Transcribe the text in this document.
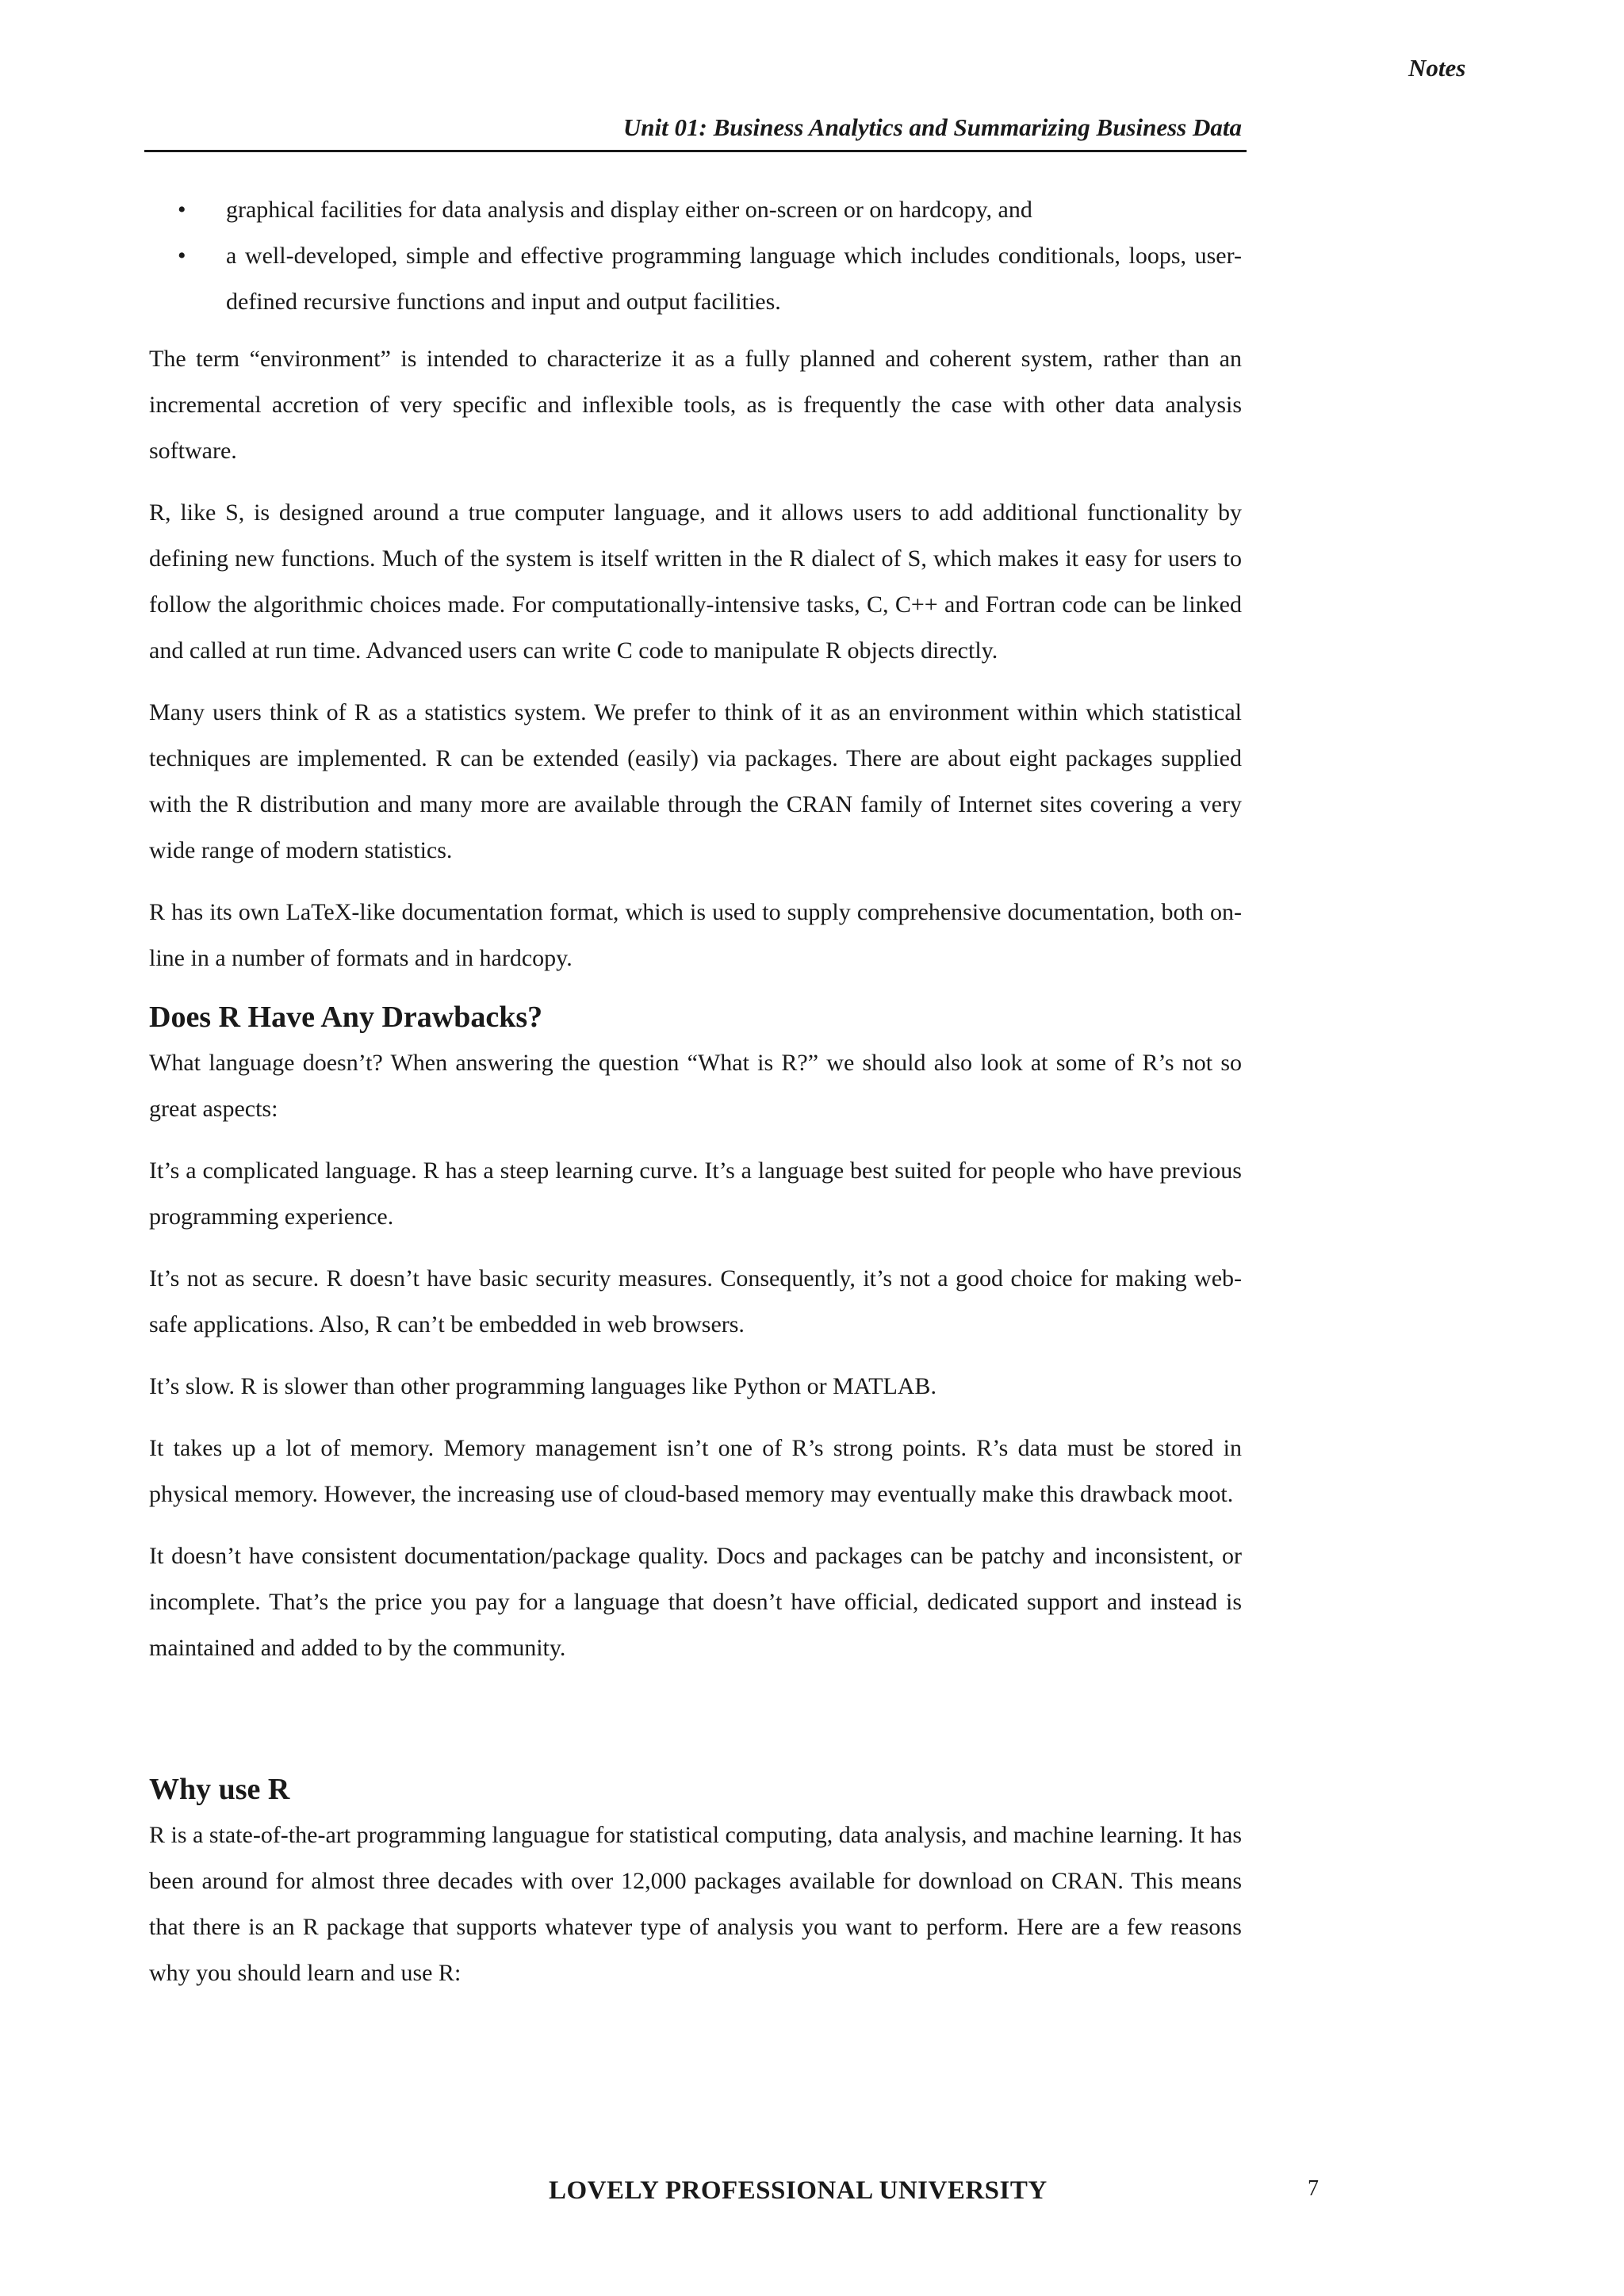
Notes
Unit 01: Business Analytics and Summarizing Business Data
• graphical facilities for data analysis and display either on-screen or on hardcopy, and
• a well-developed, simple and effective programming language which includes conditionals, loops, user-defined recursive functions and input and output facilities.

The term “environment” is intended to characterize it as a fully planned and coherent system, rather than an incremental accretion of very specific and inflexible tools, as is frequently the case with other data analysis software.

R, like S, is designed around a true computer language, and it allows users to add additional functionality by defining new functions. Much of the system is itself written in the R dialect of S, which makes it easy for users to follow the algorithmic choices made. For computationally-intensive tasks, C, C++ and Fortran code can be linked and called at run time. Advanced users can write C code to manipulate R objects directly.

Many users think of R as a statistics system. We prefer to think of it as an environment within which statistical techniques are implemented. R can be extended (easily) via packages. There are about eight packages supplied with the R distribution and many more are available through the CRAN family of Internet sites covering a very wide range of modern statistics.

R has its own LaTeX-like documentation format, which is used to supply comprehensive documentation, both on-line in a number of formats and in hardcopy.

Does R Have Any Drawbacks?

What language doesn’t? When answering the question “What is R?” we should also look at some of R’s not so great aspects:

It’s a complicated language. R has a steep learning curve. It’s a language best suited for people who have previous programming experience.

It’s not as secure. R doesn’t have basic security measures. Consequently, it’s not a good choice for making web-safe applications. Also, R can’t be embedded in web browsers.

It’s slow. R is slower than other programming languages like Python or MATLAB.

It takes up a lot of memory. Memory management isn’t one of R’s strong points. R’s data must be stored in physical memory. However, the increasing use of cloud-based memory may eventually make this drawback moot.

It doesn’t have consistent documentation/package quality. Docs and packages can be patchy and inconsistent, or incomplete. That’s the price you pay for a language that doesn’t have official, dedicated support and instead is maintained and added to by the community.

Why use R

R is a state-of-the-art programming languague for statistical computing, data analysis, and machine learning. It has been around for almost three decades with over 12,000 packages available for download on CRAN. This means that there is an R package that supports whatever type of analysis you want to perform. Here are a few reasons why you should learn and use R:

LOVELY PROFESSIONAL UNIVERSITY	7
